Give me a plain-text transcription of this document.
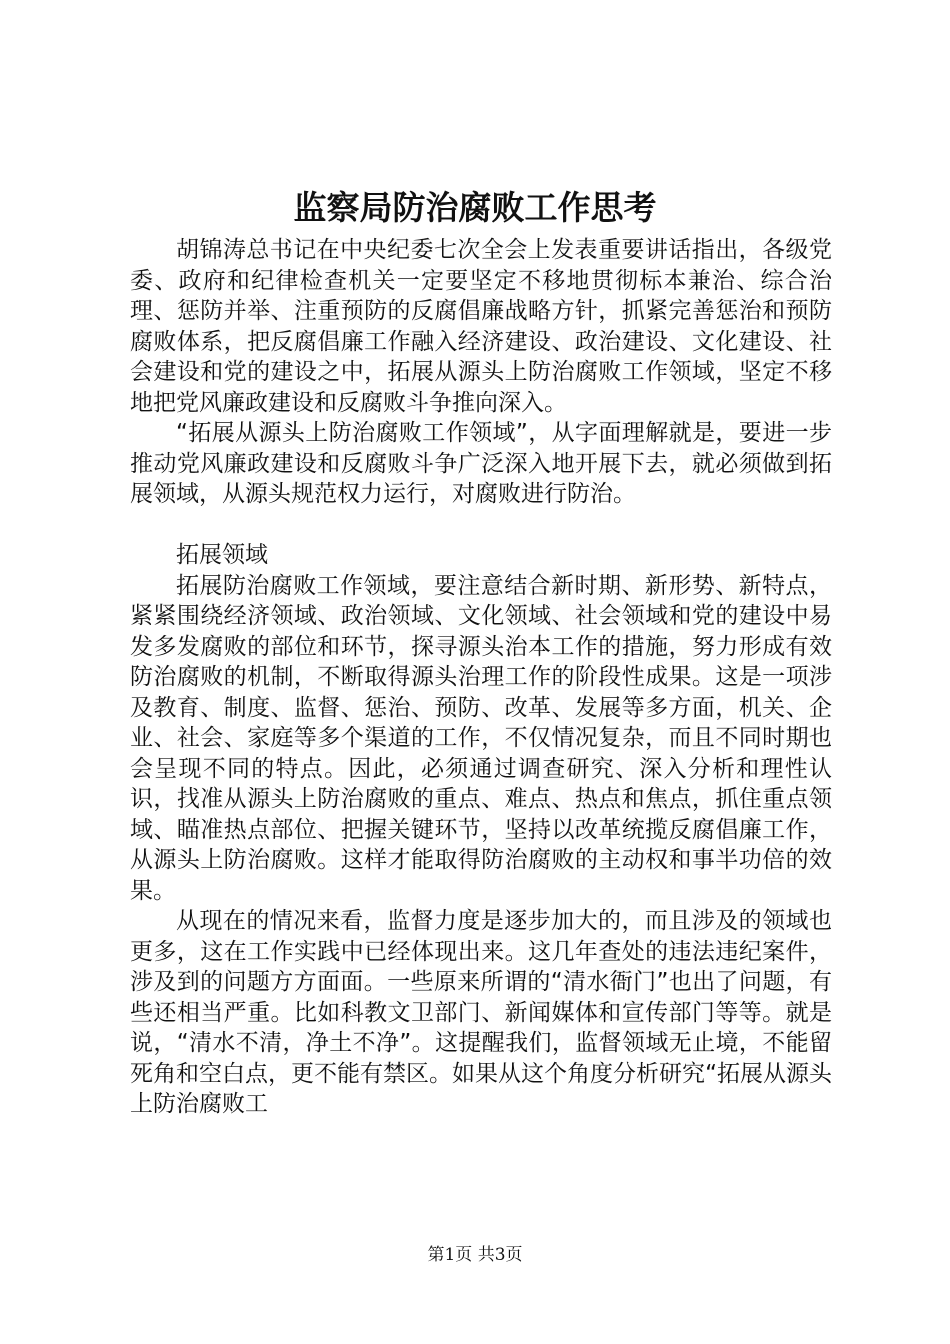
监察局防治腐败工作思考

胡锦涛总书记在中央纪委七次全会上发表重要讲话指出，各级党委、政府和纪律检查机关一定要坚定不移地贯彻标本兼治、综合治理、惩防并举、注重预防的反腐倡廉战略方针，抓紧完善惩治和预防腐败体系，把反腐倡廉工作融入经济建设、政治建设、文化建设、社会建设和党的建设之中，拓展从源头上防治腐败工作领域，坚定不移地把党风廉政建设和反腐败斗争推向深入。

“拓展从源头上防治腐败工作领域”，从字面理解就是，要进一步推动党风廉政建设和反腐败斗争广泛深入地开展下去，就必须做到拓展领域，从源头规范权力运行，对腐败进行防治。

拓展领域

拓展防治腐败工作领域，要注意结合新时期、新形势、新特点，紧紧围绕经济领域、政治领域、文化领域、社会领域和党的建设中易发多发腐败的部位和环节，探寻源头治本工作的措施，努力形成有效防治腐败的机制，不断取得源头治理工作的阶段性成果。这是一项涉及教育、制度、监督、惩治、预防、改革、发展等多方面，机关、企业、社会、家庭等多个渠道的工作，不仅情况复杂，而且不同时期也会呈现不同的特点。因此，必须通过调查研究、深入分析和理性认识，找准从源头上防治腐败的重点、难点、热点和焦点，抓住重点领域、瞄准热点部位、把握关键环节，坚持以改革统揽反腐倡廉工作，从源头上防治腐败。这样才能取得防治腐败的主动权和事半功倍的效果。

从现在的情况来看，监督力度是逐步加大的，而且涉及的领域也更多，这在工作实践中已经体现出来。这几年查处的违法违纪案件，涉及到的问题方方面面。一些原来所谓的“清水衙门”也出了问题，有些还相当严重。比如科教文卫部门、新闻媒体和宣传部门等等。就是说，“清水不清，净土不净”。这提醒我们，监督领域无止境，不能留死角和空白点，更不能有禁区。如果从这个角度分析研究“拓展从源头上防治腐败工

第1页 共3页
